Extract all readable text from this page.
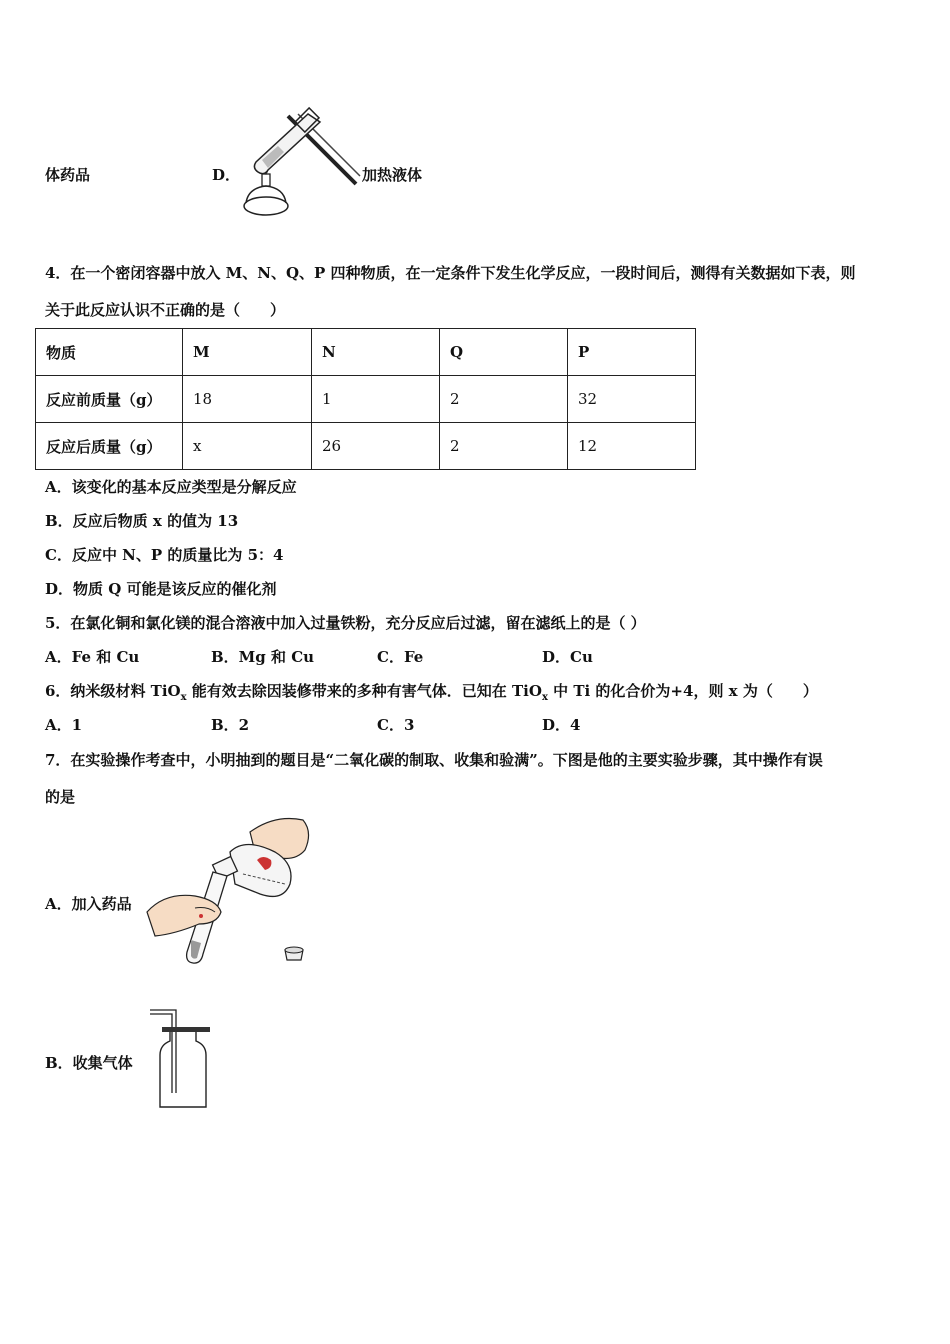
体药品	D．	加热液体
4．在一个密闭容器中放入 M、N、Q、P 四种物质，在一定条件下发生化学反应，一段时间后，测得有关数据如下表，则
关于此反应认识不正确的是（　　）
物质	M	N	Q	P
反应前质量（g）	18	1	2	32
反应后质量（g）	x	26	2	12
A．该变化的基本反应类型是分解反应
B．反应后物质 x 的值为 13
C．反应中 N、P 的质量比为 5：4
D．物质 Q 可能是该反应的催化剂
5．在氯化铜和氯化镁的混合溶液中加入过量铁粉，充分反应后过滤，留在滤纸上的是（ ）
A．Fe 和 Cu	B．Mg 和 Cu	C．Fe	D．Cu
6．纳米级材料 TiO$_x$ 能有效去除因装修带来的多种有害气体．已知在 TiO$_x$ 中 Ti 的化合价为+4，则 x 为（　　）
A．1	B．2	C．3	D．4
7．在实验操作考查中，小明抽到的题目是“二氧化碳的制取、收集和验满”。下图是他的主要实验步骤，其中操作有误
的是
A．加入药品
B．收集气体
